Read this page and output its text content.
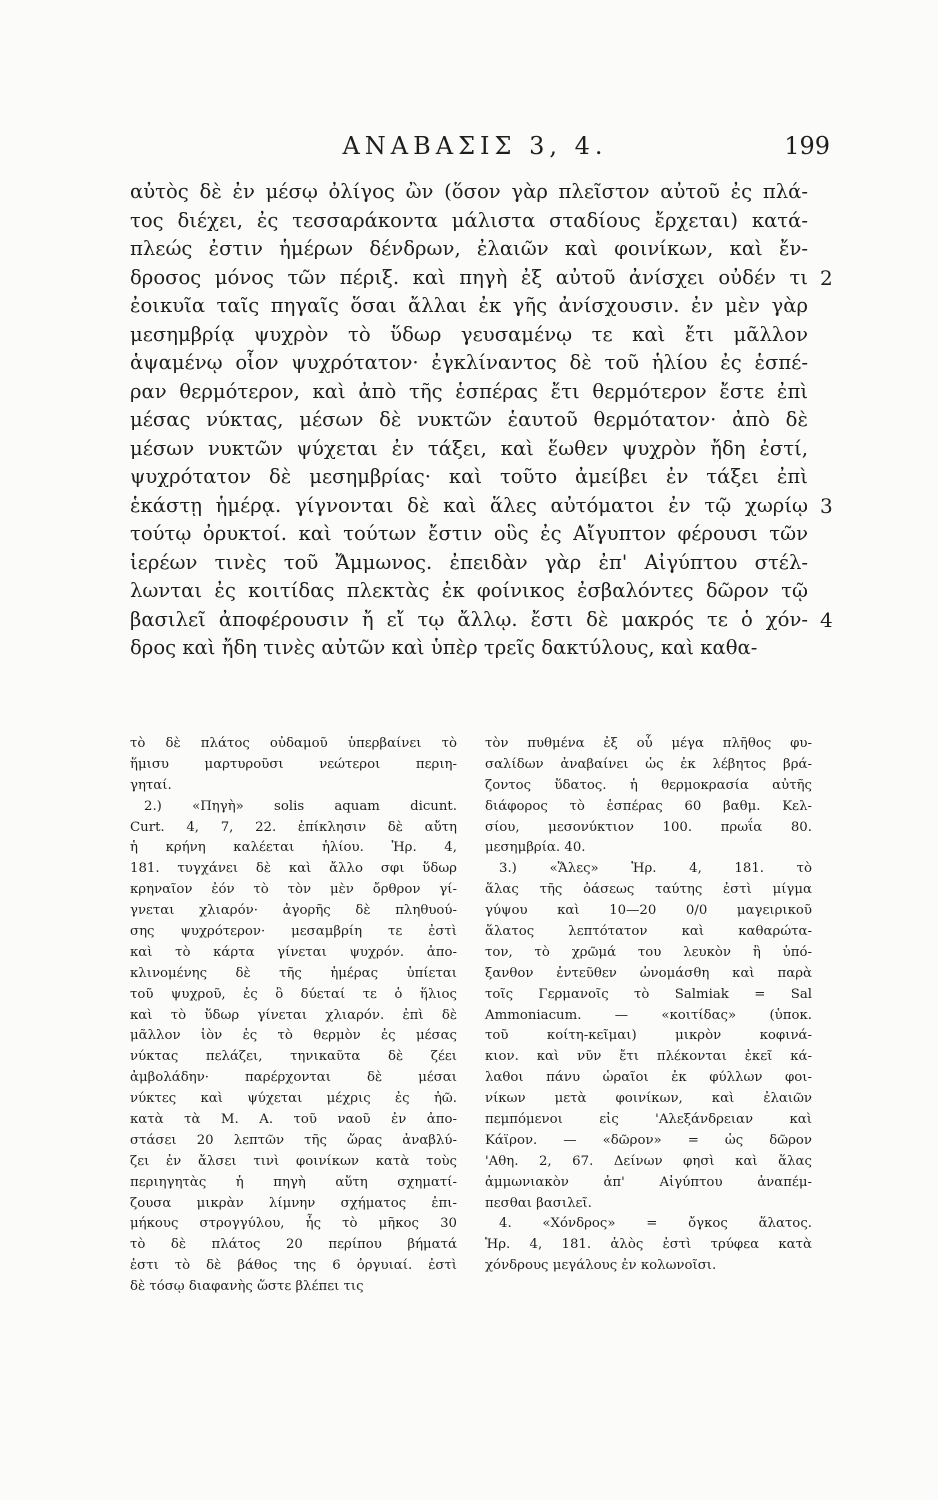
ΑΝΑΒΑΣΙΣ 3, 4.	199
αὐτὸς δὲ ἐν μέσῳ ὀλίγος ὢν (ὅσον γὰρ πλεῖστον αὐτοῦ ἐς πλά-
τος διέχει, ἐς τεσσαράκοντα μάλιστα σταδίους ἔρχεται) κατά-
πλεώς ἐστιν ἡμέρων δένδρων, ἐλαιῶν καὶ φοινίκων, καὶ ἔν-
δροσος μόνος τῶν πέριξ. καὶ πηγὴ ἐξ αὐτοῦ ἀνίσχει οὐδέν τι 2
ἐοικυῖα ταῖς πηγαῖς ὅσαι ἄλλαι ἐκ γῆς ἀνίσχουσιν. ἐν μὲν γὰρ
μεσημβρίᾳ ψυχρὸν τὸ ὕδωρ γευσαμένῳ τε καὶ ἔτι μᾶλλον
ἁψαμένῳ οἷον ψυχρότατον· ἐγκλίναντος δὲ τοῦ ἡλίου ἐς ἑσπέ-
ραν θερμότερον, καὶ ἀπὸ τῆς ἑσπέρας ἔτι θερμότερον ἔστε ἐπὶ
μέσας νύκτας, μέσων δὲ νυκτῶν ἑαυτοῦ θερμότατον· ἀπὸ δὲ
μέσων νυκτῶν ψύχεται ἐν τάξει, καὶ ἕωθεν ψυχρὸν ἤδη ἐστί,
ψυχρότατον δὲ μεσημβρίας· καὶ τοῦτο ἀμείβει ἐν τάξει ἐπὶ
ἑκάστῃ ἡμέρᾳ. γίγνονται δὲ καὶ ἅλες αὐτόματοι ἐν τῷ χωρίῳ 3
τούτῳ ὀρυκτοί. καὶ τούτων ἔστιν οὓς ἐς Αἴγυπτον φέρουσι τῶν
ἱερέων τινὲς τοῦ Ἄμμωνος. ἐπειδὰν γὰρ ἐπ' Αἰγύπτου στέλ-
λωνται ἐς κοιτίδας πλεκτὰς ἐκ φοίνικος ἐσβαλόντες δῶρον τῷ
βασιλεῖ ἀποφέρουσιν ἤ εἴ τῳ ἄλλῳ. ἔστι δὲ μακρός τε ὁ χόν- 4
δρος καὶ ἤδη τινὲς αὐτῶν καὶ ὑπὲρ τρεῖς δακτύλους, καὶ καθα-
τὸ δὲ πλάτος οὐδαμοῦ ὑπερβαίνει τὸ
ἥμισυ μαρτυροῦσι νεώτεροι περιη-
γηταί.
2.) «Πηγὴ» solis aquam dicunt.
Curt. 4, 7, 22. ἐπίκλησιν δὲ αὔτη
ἡ κρήνη καλέεται ἡλίου. Ἡρ. 4,
181. τυγχάνει δὲ καὶ ἄλλο σφι ὕδωρ
κρηναῖον ἐόν τὸ τὸν μὲν ὄρθρον γί-
γνεται χλιαρόν· ἀγορῆς δὲ πληθυού-
σης ψυχρότερον· μεσαμβρίη τε ἐστὶ
καὶ τὸ κάρτα γίνεται ψυχρόν. ἀπο-
κλινομένης δὲ τῆς ἡμέρας ὑπίεται
τοῦ ψυχροῦ, ἐς ὃ δύεταί τε ὁ ἥλιος
καὶ τὸ ὕδωρ γίνεται χλιαρόν. ἐπὶ δὲ
μᾶλλον ἰὸν ἐς τὸ θερμὸν ἐς μέσας
νύκτας πελάζει, τηνικαῦτα δὲ ζέει
ἀμβολάδην· παρέρχονται δὲ μέσαι
νύκτες καὶ ψύχεται μέχρις ἐς ἠῶ.
κατὰ τὰ Μ. Α. τοῦ ναοῦ ἐν ἀπο-
στάσει 20 λεπτῶν τῆς ὥρας ἀναβλύ-
ζει ἐν ἄλσει τινὶ φοινίκων κατὰ τοὺς
περιηγητὰς ἡ πηγὴ αὕτη σχηματί-
ζουσα μικρὰν λίμνην σχήματος ἐπι-
μήκους στρογγύλου, ἧς τὸ μῆκος 30
τὸ δὲ πλάτος 20 περίπου βήματά
ἐστι τὸ δὲ βάθος της 6 ὀργυιαί. ἐστὶ
δὲ τόσῳ διαφανὴς ὥστε βλέπει τις
τὸν πυθμένα ἐξ οὗ μέγα πλῆθος φυ-
σαλίδων ἀναβαίνει ὡς ἐκ λέβητος βρά-
ζοντος ὕδατος. ἡ θερμοκρασία αὐτῆς
διάφορος τὸ ἑσπέρας 60 βαθμ. Κελ-
σίου, μεσονύκτιον 100. πρωΐα 80.
μεσημβρία. 40.
3.) «Ἅλες» Ἡρ. 4, 181. τὸ
ἅλας τῆς ὀάσεως ταύτης ἐστὶ μίγμα
γύψου καὶ 10—20 0/0 μαγειρικοῦ
ἅλατος λεπτότατον καὶ καθαρώτα-
τον, τὸ χρῶμά του λευκὸν ἢ ὑπό-
ξανθον ἐντεῦθεν ὠνομάσθη καὶ παρὰ
τοῖς Γερμανοῖς τὸ Salmiak = Sal
Ammoniacum. — «κοιτίδας» (ὑποκ.
τοῦ κοίτη-κεῖμαι) μικρὸν κοφινά-
κιον. καὶ νῦν ἔτι πλέκονται ἐκεῖ κά-
λαθοι πάνυ ὡραῖοι ἐκ φύλλων φοι-
νίκων μετὰ φοινίκων, καὶ ἐλαιῶν
πεμπόμενοι εἰς 'Αλεξάνδρειαν καὶ
Κάϊρον. — «δῶρον» = ὡς δῶρον
'Αθη. 2, 67. Δείνων φησὶ καὶ ἅλας
ἀμμωνιακὸν ἀπ' Αἰγύπτου ἀναπέμ-
πεσθαι βασιλεῖ.
4. «Χόνδρος» = ὄγκος ἅλατος.
Ἡρ. 4, 181. ἁλὸς ἐστὶ τρύφεα κατὰ
χόνδρους μεγάλους ἐν κολωνοῖσι.
